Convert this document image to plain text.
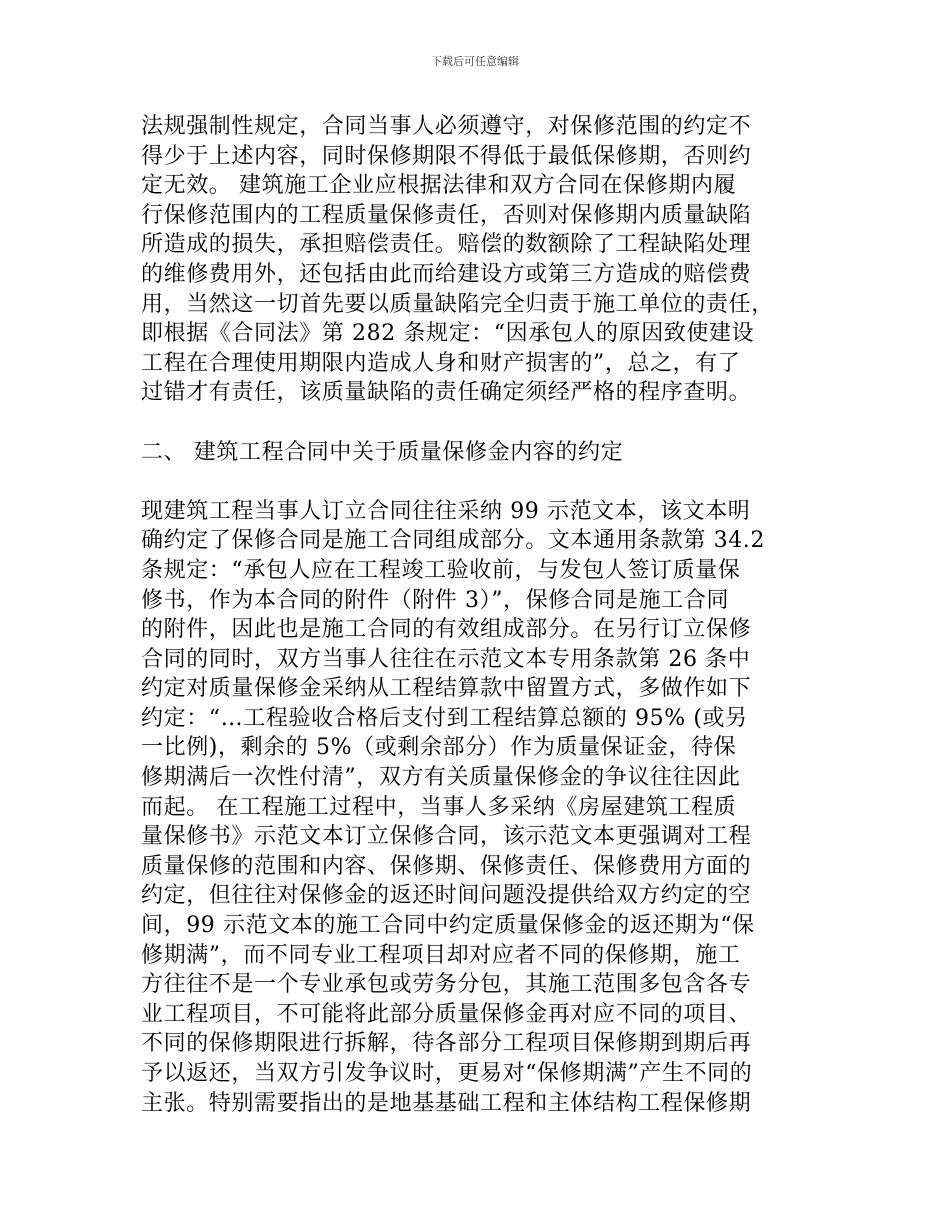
下载后可任意编辑
法规强制性规定，合同当事人必须遵守，对保修范围的约定不
得少于上述内容，同时保修期限不得低于最低保修期，否则约
定无效。 建筑施工企业应根据法律和双方合同在保修期内履
行保修范围内的工程质量保修责任，否则对保修期内质量缺陷
所造成的损失，承担赔偿责任。赔偿的数额除了工程缺陷处理
的维修费用外，还包括由此而给建设方或第三方造成的赔偿费
用，当然这一切首先要以质量缺陷完全归责于施工单位的责任，
即根据《合同法》第 282 条规定：“因承包人的原因致使建设
工程在合理使用期限内造成人身和财产损害的”，总之，有了
过错才有责任，该质量缺陷的责任确定须经严格的程序查明。
二、 建筑工程合同中关于质量保修金内容的约定
现建筑工程当事人订立合同往往采纳 99 示范文本，该文本明
确约定了保修合同是施工合同组成部分。文本通用条款第 34.2
条规定：“承包人应在工程竣工验收前，与发包人签订质量保
修书，作为本合同的附件（附件 3）”，保修合同是施工合同
的附件，因此也是施工合同的有效组成部分。在另行订立保修
合同的同时，双方当事人往往在示范文本专用条款第 26 条中
约定对质量保修金采纳从工程结算款中留置方式，多做作如下
约定：“…工程验收合格后支付到工程结算总额的 95% (或另
一比例)，剩余的 5%（或剩余部分）作为质量保证金，待保
修期满后一次性付清”，双方有关质量保修金的争议往往因此
而起。 在工程施工过程中，当事人多采纳《房屋建筑工程质
量保修书》示范文本订立保修合同，该示范文本更强调对工程
质量保修的范围和内容、保修期、保修责任、保修费用方面的
约定，但往往对保修金的返还时间问题没提供给双方约定的空
间，99 示范文本的施工合同中约定质量保修金的返还期为“保
修期满”，而不同专业工程项目却对应者不同的保修期，施工
方往往不是一个专业承包或劳务分包，其施工范围多包含各专
业工程项目，不可能将此部分质量保修金再对应不同的项目、
不同的保修期限进行拆解，待各部分工程项目保修期到期后再
予以返还，当双方引发争议时，更易对“保修期满”产生不同的
主张。特别需要指出的是地基基础工程和主体结构工程保修期
